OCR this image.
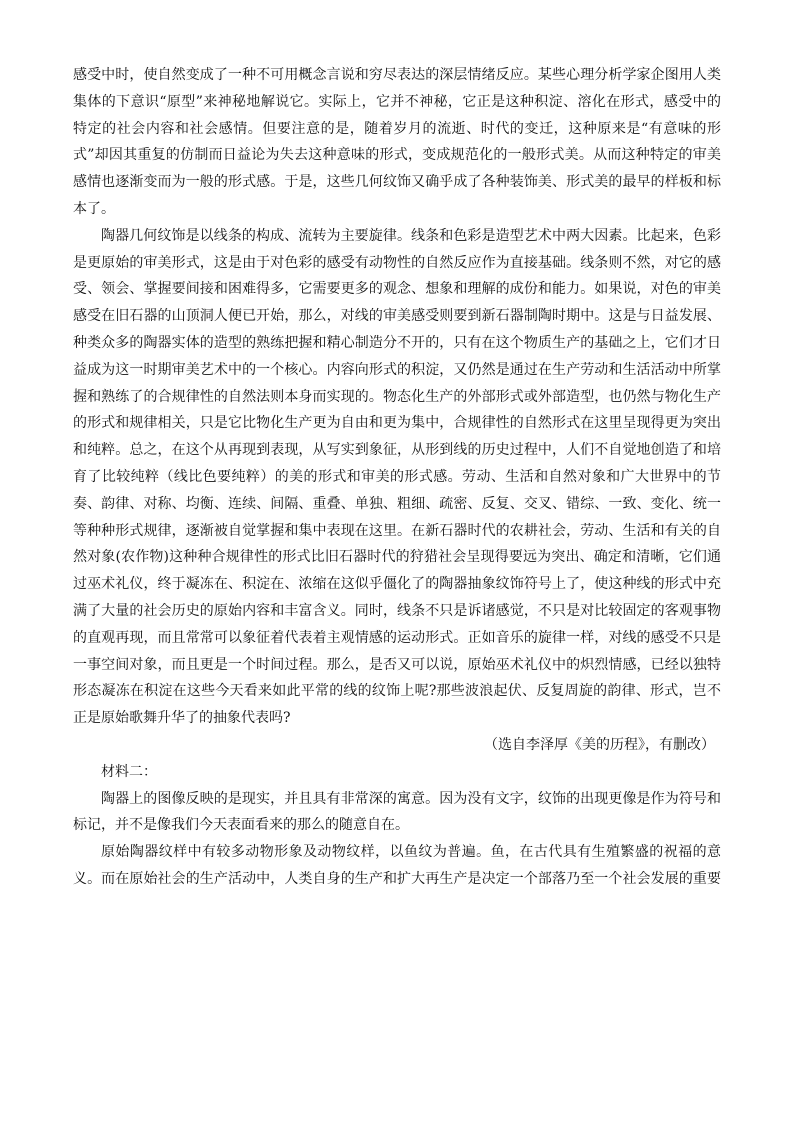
感受中时，使自然变成了一种不可用概念言说和穷尽表达的深层情绪反应。某些心理分析学家企图用人类
集体的下意识“原型”来神秘地解说它。实际上，它并不神秘，它正是这种积淀、溶化在形式，感受中的
特定的社会内容和社会感情。但要注意的是，随着岁月的流逝、时代的变迁，这种原来是“有意味的形
式”却因其重复的仿制而日益论为失去这种意味的形式，变成规范化的一般形式美。从而这种特定的审美
感情也逐渐变而为一般的形式感。于是，这些几何纹饰又确乎成了各种装饰美、形式美的最早的样板和标
本了。
陶器几何纹饰是以线条的构成、流转为主要旋律。线条和色彩是造型艺术中两大因素。比起来，色彩
是更原始的审美形式，这是由于对色彩的感受有动物性的自然反应作为直接基础。线条则不然，对它的感
受、领会、掌握要间接和困难得多，它需要更多的观念、想象和理解的成份和能力。如果说，对色的审美
感受在旧石器的山顶洞人便已开始，那么，对线的审美感受则要到新石器制陶时期中。这是与日益发展、
种类众多的陶器实体的造型的熟练把握和精心制造分不开的，只有在这个物质生产的基础之上，它们才日
益成为这一时期审美艺术中的一个核心。内容向形式的积淀，又仍然是通过在生产劳动和生活活动中所掌
握和熟练了的合规律性的自然法则本身而实现的。物态化生产的外部形式或外部造型，也仍然与物化生产
的形式和规律相关，只是它比物化生产更为自由和更为集中，合规律性的自然形式在这里呈现得更为突出
和纯粹。总之，在这个从再现到表现，从写实到象征，从形到线的历史过程中，人们不自觉地创造了和培
育了比较纯粹（线比色要纯粹）的美的形式和审美的形式感。劳动、生活和自然对象和广大世界中的节
奏、韵律、对称、均衡、连续、间隔、重叠、单独、粗细、疏密、反复、交叉、错综、一致、变化、统一
等种种形式规律，逐渐被自觉掌握和集中表现在这里。在新石器时代的农耕社会，劳动、生活和有关的自
然对象(农作物)这种种合规律性的形式比旧石器时代的狩猎社会呈现得要远为突出、确定和清晰，它们通
过巫术礼仪，终于凝冻在、积淀在、浓缩在这似乎僵化了的陶器抽象纹饰符号上了，使这种线的形式中充
满了大量的社会历史的原始内容和丰富含义。同时，线条不只是诉诸感觉，不只是对比较固定的客观事物
的直观再现，而且常常可以象征着代表着主观情感的运动形式。正如音乐的旋律一样，对线的感受不只是
一事空间对象，而且更是一个时间过程。那么，是否又可以说，原始巫术礼仪中的炽烈情感，已经以独特
形态凝冻在积淀在这些今天看来如此平常的线的纹饰上呢?那些波浪起伏、反复周旋的韵律、形式，岂不
正是原始歌舞升华了的抽象代表吗?
（选自李泽厚《美的历程》，有删改）
材料二：
陶器上的图像反映的是现实，并且具有非常深的寓意。因为没有文字，纹饰的出现更像是作为符号和
标记，并不是像我们今天表面看来的那么的随意自在。
原始陶器纹样中有较多动物形象及动物纹样，以鱼纹为普遍。鱼，在古代具有生殖繁盛的祝福的意
义。而在原始社会的生产活动中，人类自身的生产和扩大再生产是决定一个部落乃至一个社会发展的重要
